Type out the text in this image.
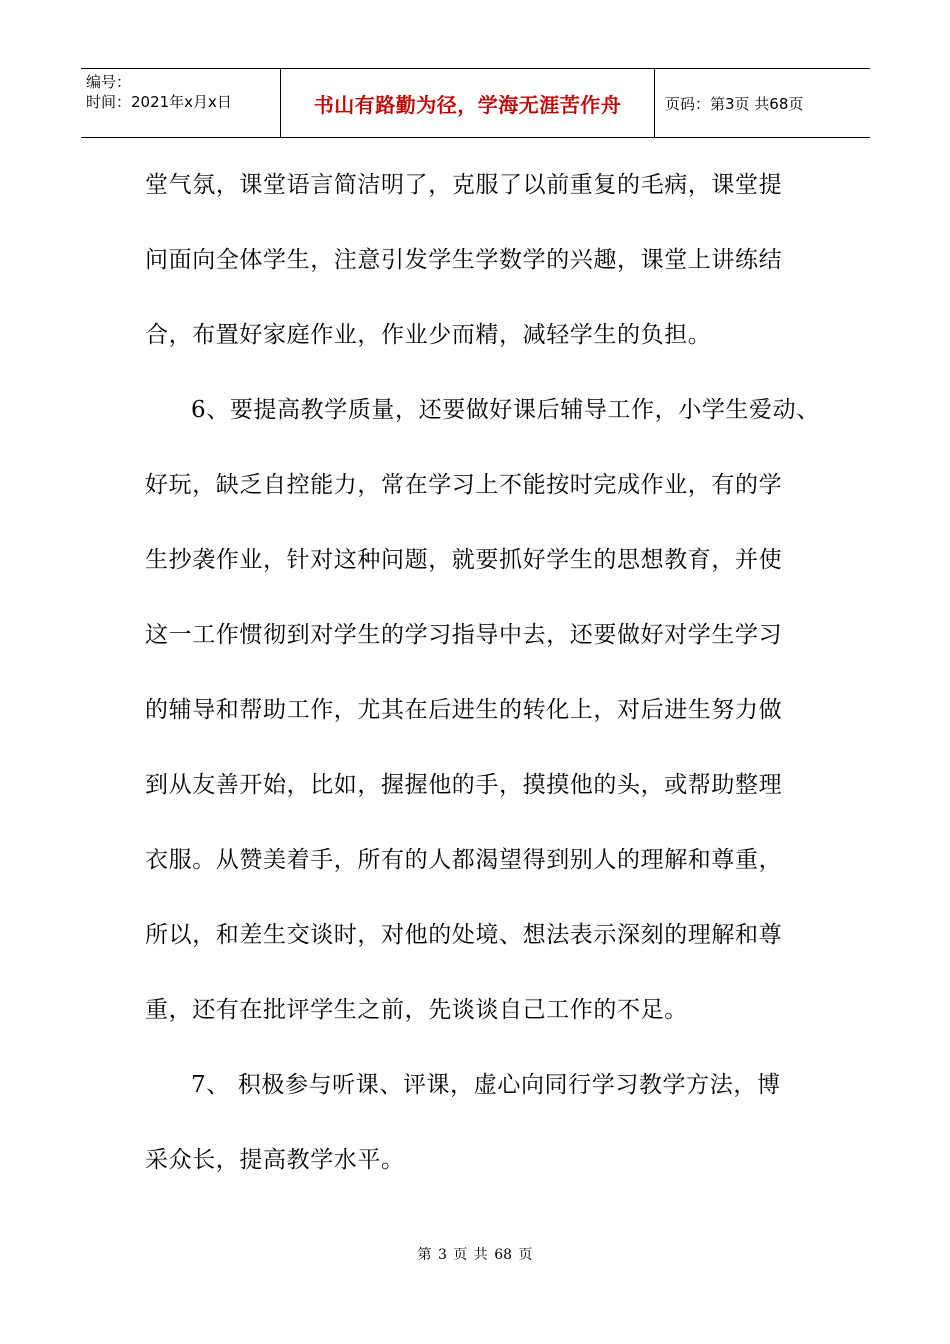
编号：
时间：2021年x月x日	书山有路勤为径，学海无涯苦作舟	页码：第3页 共68页
堂气氛，课堂语言简洁明了，克服了以前重复的毛病，课堂提
问面向全体学生，注意引发学生学数学的兴趣，课堂上讲练结
合，布置好家庭作业，作业少而精，减轻学生的负担。
6、要提高教学质量，还要做好课后辅导工作，小学生爱动、
好玩，缺乏自控能力，常在学习上不能按时完成作业，有的学
生抄袭作业，针对这种问题，就要抓好学生的思想教育，并使
这一工作惯彻到对学生的学习指导中去，还要做好对学生学习
的辅导和帮助工作，尤其在后进生的转化上，对后进生努力做
到从友善开始，比如，握握他的手，摸摸他的头，或帮助整理
衣服。从赞美着手，所有的人都渴望得到别人的理解和尊重，
所以，和差生交谈时，对他的处境、想法表示深刻的理解和尊
重，还有在批评学生之前，先谈谈自己工作的不足。
7、 积极参与听课、评课，虚心向同行学习教学方法，博
采众长，提高教学水平。
第 3 页 共 68 页
